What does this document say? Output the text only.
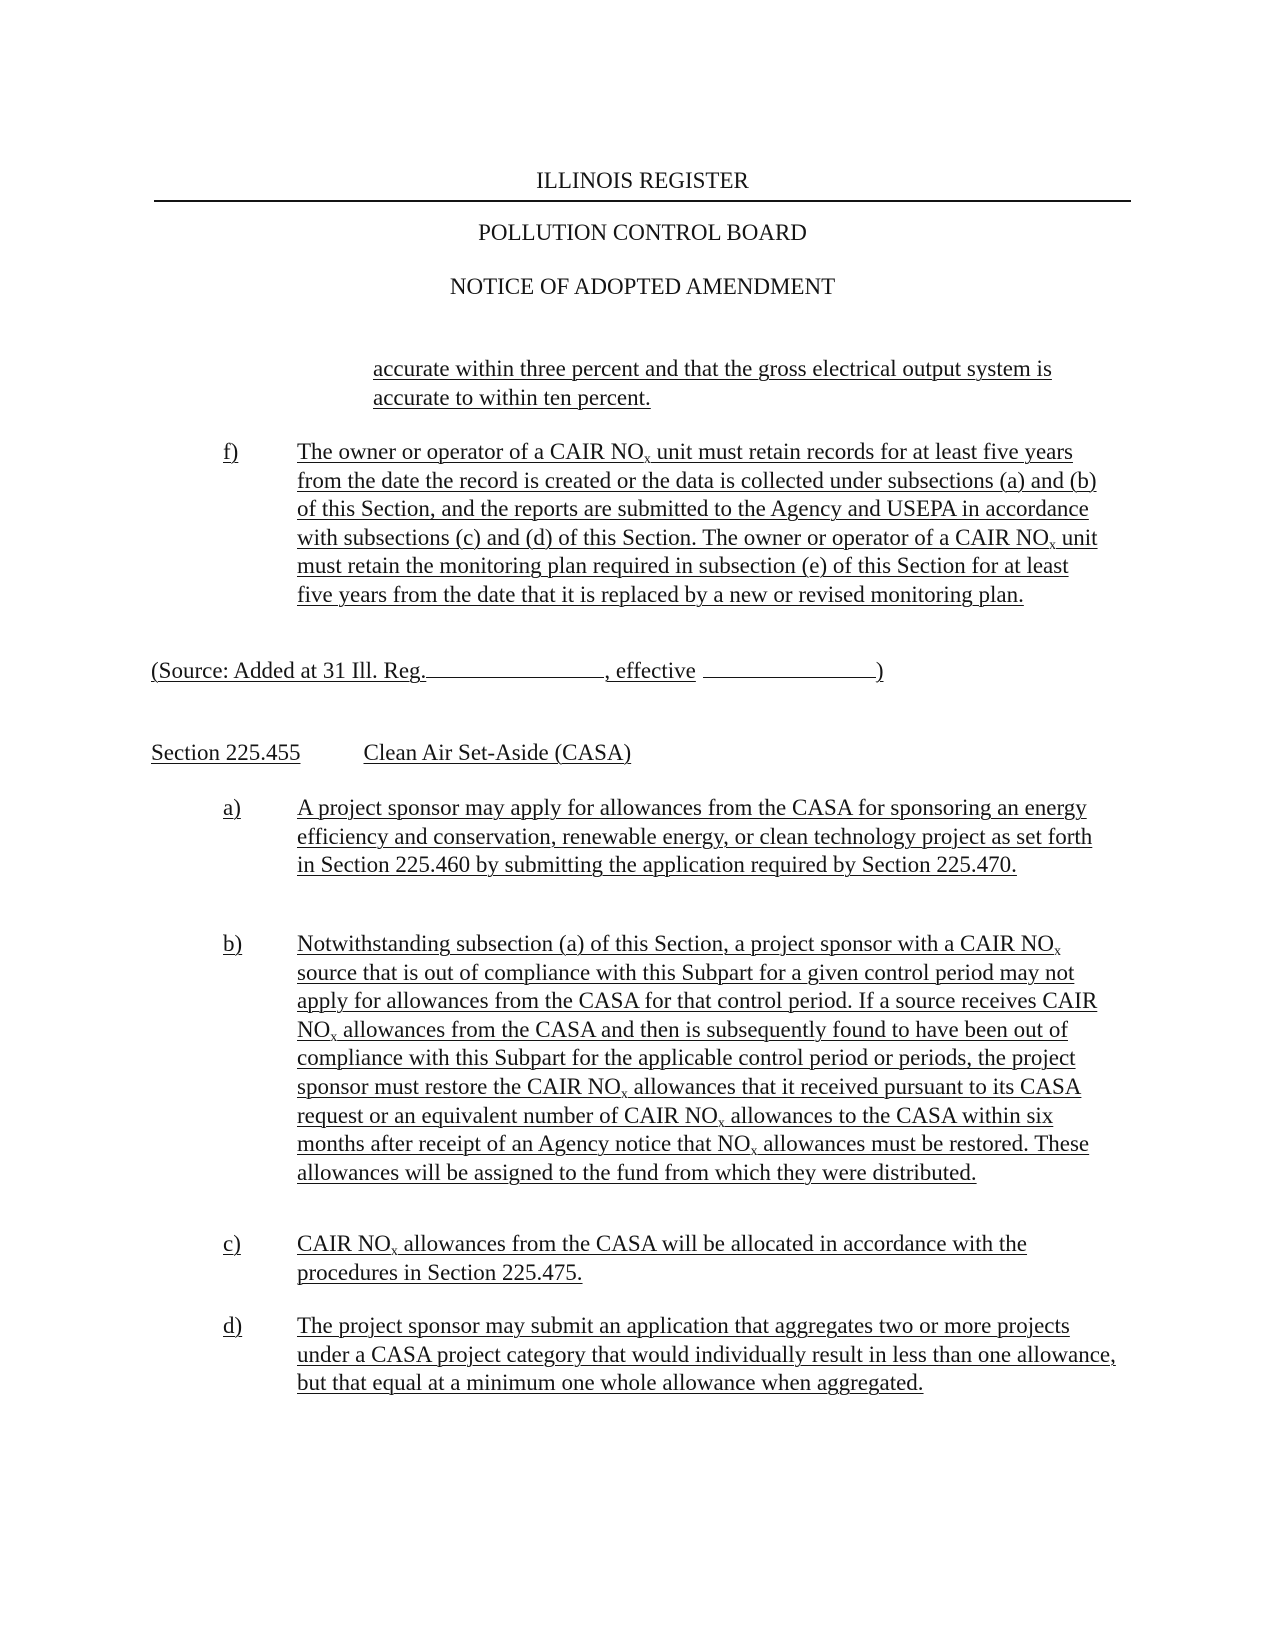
ILLINOIS REGISTER
POLLUTION CONTROL BOARD
NOTICE OF ADOPTED AMENDMENT
accurate within three percent and that the gross electrical output system is
accurate to within ten percent.
f)	The owner or operator of a CAIR $NO_x$ unit must retain records for at least five years from the date the record is created or the data is collected under subsections (a) and (b) of this Section, and the reports are submitted to the Agency and USEPA in accordance with subsections (c) and (d) of this Section. The owner or operator of a CAIR $NO_x$ unit must retain the monitoring plan required in subsection (e) of this Section for at least five years from the date that it is replaced by a new or revised monitoring plan.
(Source: Added at 31 Ill. Reg.	, effective	)
Section 225.455	Clean Air Set-Aside (CASA)
a) A project sponsor may apply for allowances from the CASA for sponsoring an energy efficiency and conservation, renewable energy, or clean technology project as set forth in Section 225.460 by submitting the application required by Section 225.470.
b) Notwithstanding subsection (a) of this Section, a project sponsor with a CAIR $NO_x$ source that is out of compliance with this Subpart for a given control period may not apply for allowances from the CASA for that control period. If a source receives CAIR $NO_x$ allowances from the CASA and then is subsequently found to have been out of compliance with this Subpart for the applicable control period or periods, the project sponsor must restore the CAIR $NO_x$ allowances that it received pursuant to its CASA request or an equivalent number of CAIR $NO_x$ allowances to the CASA within six months after receipt of an Agency notice that $NO_x$ allowances must be restored. These allowances will be assigned to the fund from which they were distributed.
c) CAIR $NO_x$ allowances from the CASA will be allocated in accordance with the procedures in Section 225.475.
d) The project sponsor may submit an application that aggregates two or more projects under a CASA project category that would individually result in less than one allowance, but that equal at a minimum one whole allowance when aggregated.
